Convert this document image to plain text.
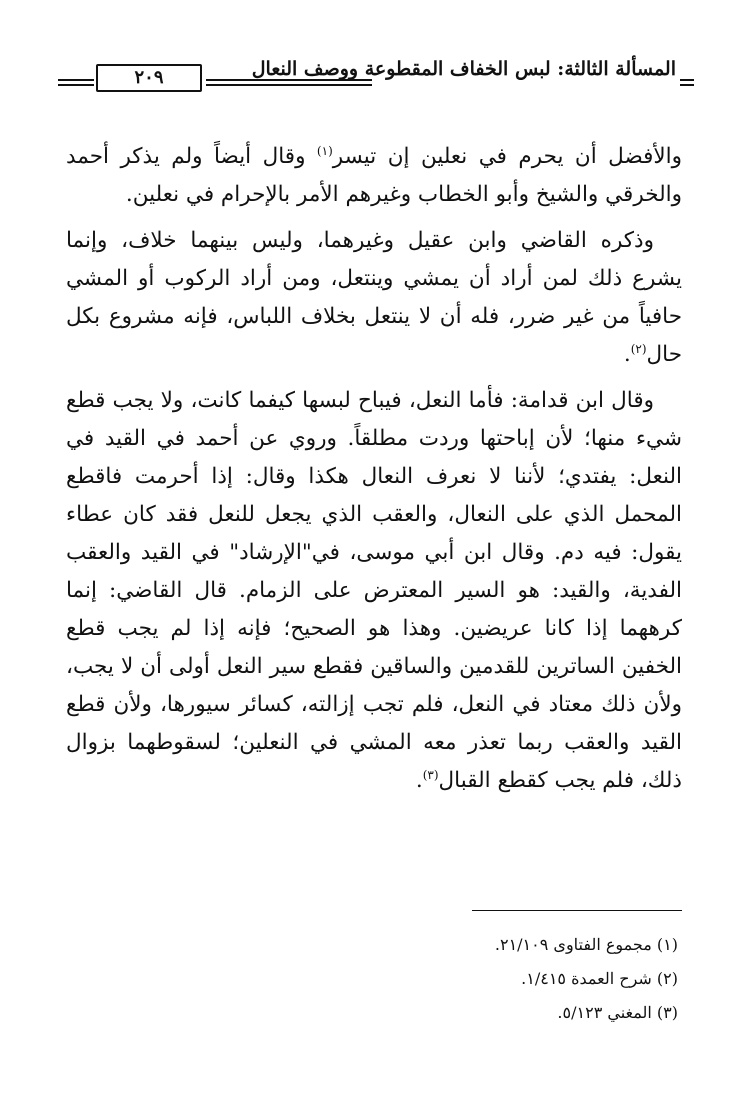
المسألة الثالثة: لبس الخفاف المقطوعة ووصف النعال
٢٠٩

والأفضل أن يحرم في نعلين إن تيسر$^{(١)}$ وقال أيضاً ولم يذكر أحمد والخرقي والشيخ وأبو الخطاب وغيرهم الأمر بالإحرام في نعلين.

وذكره القاضي وابن عقيل وغيرهما، وليس بينهما خلاف، وإنما يشرع ذلك لمن أراد أن يمشي وينتعل، ومن أراد الركوب أو المشي حافياً من غير ضرر، فله أن لا ينتعل بخلاف اللباس، فإنه مشروع بكل حال$^{(٢)}$.

وقال ابن قدامة: فأما النعل، فيباح لبسها كيفما كانت، ولا يجب قطع شيء منها؛ لأن إباحتها وردت مطلقاً. وروي عن أحمد في القيد في النعل: يفتدي؛ لأننا لا نعرف النعال هكذا وقال: إذا أحرمت فاقطع المحمل الذي على النعال، والعقب الذي يجعل للنعل فقد كان عطاء يقول: فيه دم. وقال ابن أبي موسى، في"الإرشاد" في القيد والعقب الفدية، والقيد: هو السير المعترض على الزمام. قال القاضي: إنما كرههما إذا كانا عريضين. وهذا هو الصحيح؛ فإنه إذا لم يجب قطع الخفين الساترين للقدمين والساقين فقطع سير النعل أولى أن لا يجب، ولأن ذلك معتاد في النعل، فلم تجب إزالته، كسائر سيورها، ولأن قطع القيد والعقب ربما تعذر معه المشي في النعلين؛ لسقوطهما بزوال ذلك، فلم يجب كقطع القبال$^{(٣)}$.

(١) مجموع الفتاوى ٢١/١٠٩.
(٢) شرح العمدة ١/٤١٥.
(٣) المغني ٥/١٢٣.
